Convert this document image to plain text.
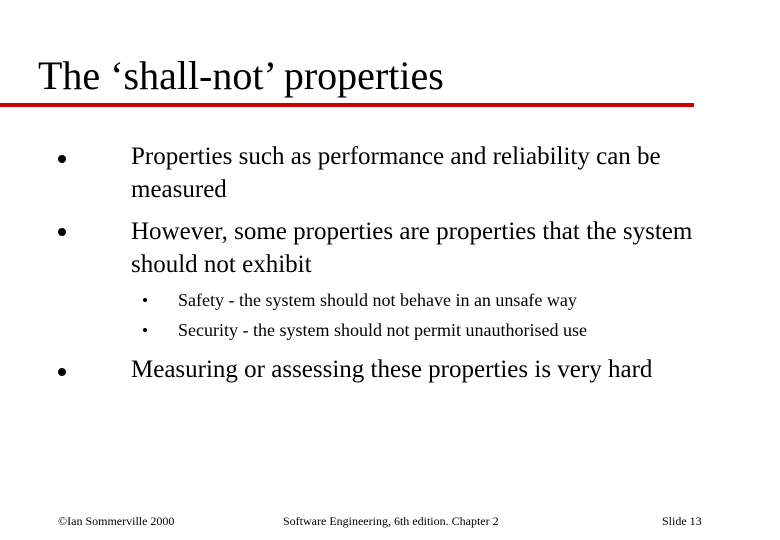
The ‘shall-not’ properties
Properties such as performance and reliability can be measured
However, some properties are properties that the system should not exhibit
Safety - the system should not behave in an unsafe way
Security - the system should not permit unauthorised use
Measuring or assessing these properties is very hard
©Ian Sommerville 2000	Software Engineering, 6th edition. Chapter 2	Slide 13
